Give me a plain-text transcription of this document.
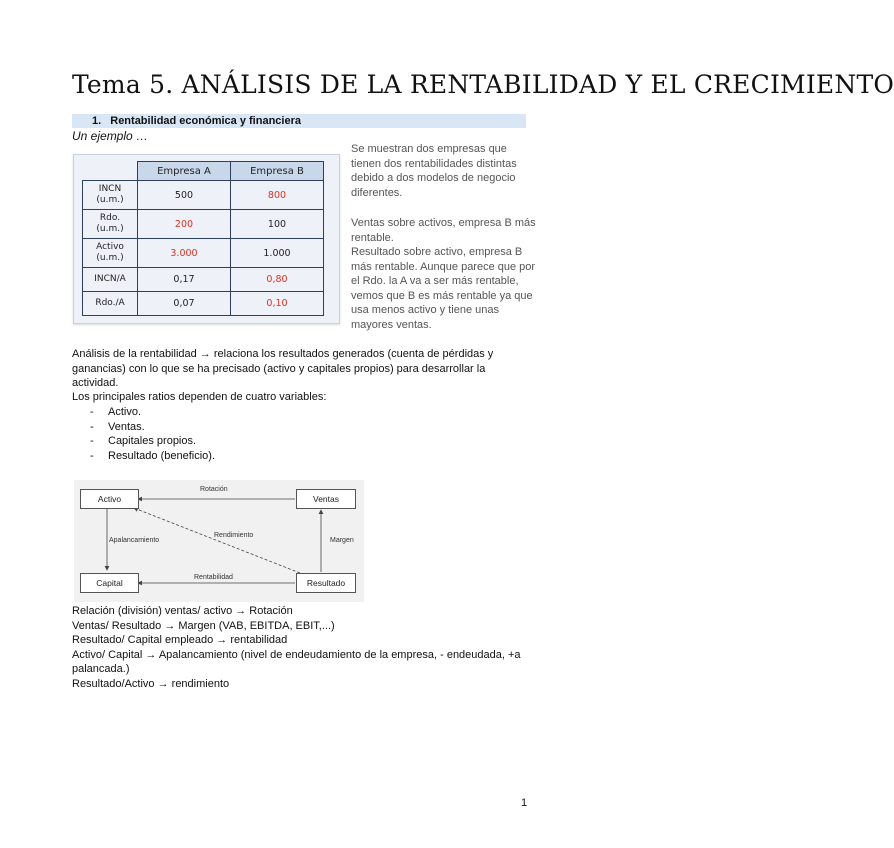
Tema 5. ANÁLISIS DE LA RENTABILIDAD Y EL CRECIMIENTO
1. Rentabilidad económica y financiera
Un ejemplo …
	Empresa A	Empresa B
INCN
(u.m.)	500	800
Rdo.
(u.m.)	200	100
Activo
(u.m.)	3.000	1.000
INCN/A	0,17	0,80
Rdo./A	0,07	0,10
Se muestran dos empresas que tienen dos rentabilidades distintas debido a dos modelos de negocio diferentes.
Ventas sobre activos, empresa B más rentable.
Resultado sobre activo, empresa B más rentable. Aunque parece que por el Rdo. la A va a ser más rentable, vemos que B es más rentable ya que usa menos activo y tiene unas mayores ventas.
Análisis de la rentabilidad → relaciona los resultados generados (cuenta de pérdidas y ganancias) con lo que se ha precisado (activo y capitales propios) para desarrollar la actividad.
Los principales ratios dependen de cuatro variables:
- Activo.
- Ventas.
- Capitales propios.
- Resultado (beneficio).
Activo	Ventas
Capital	Resultado
Rotación
Apalancamiento
Rendimiento
Margen
Rentabilidad
Relación (división) ventas/ activo → Rotación
Ventas/ Resultado → Margen (VAB, EBITDA, EBIT,...)
Resultado/ Capital empleado → rentabilidad
Activo/ Capital → Apalancamiento (nivel de endeudamiento de la empresa, - endeudada, +a palancada.)
Resultado/Activo → rendimiento
1
